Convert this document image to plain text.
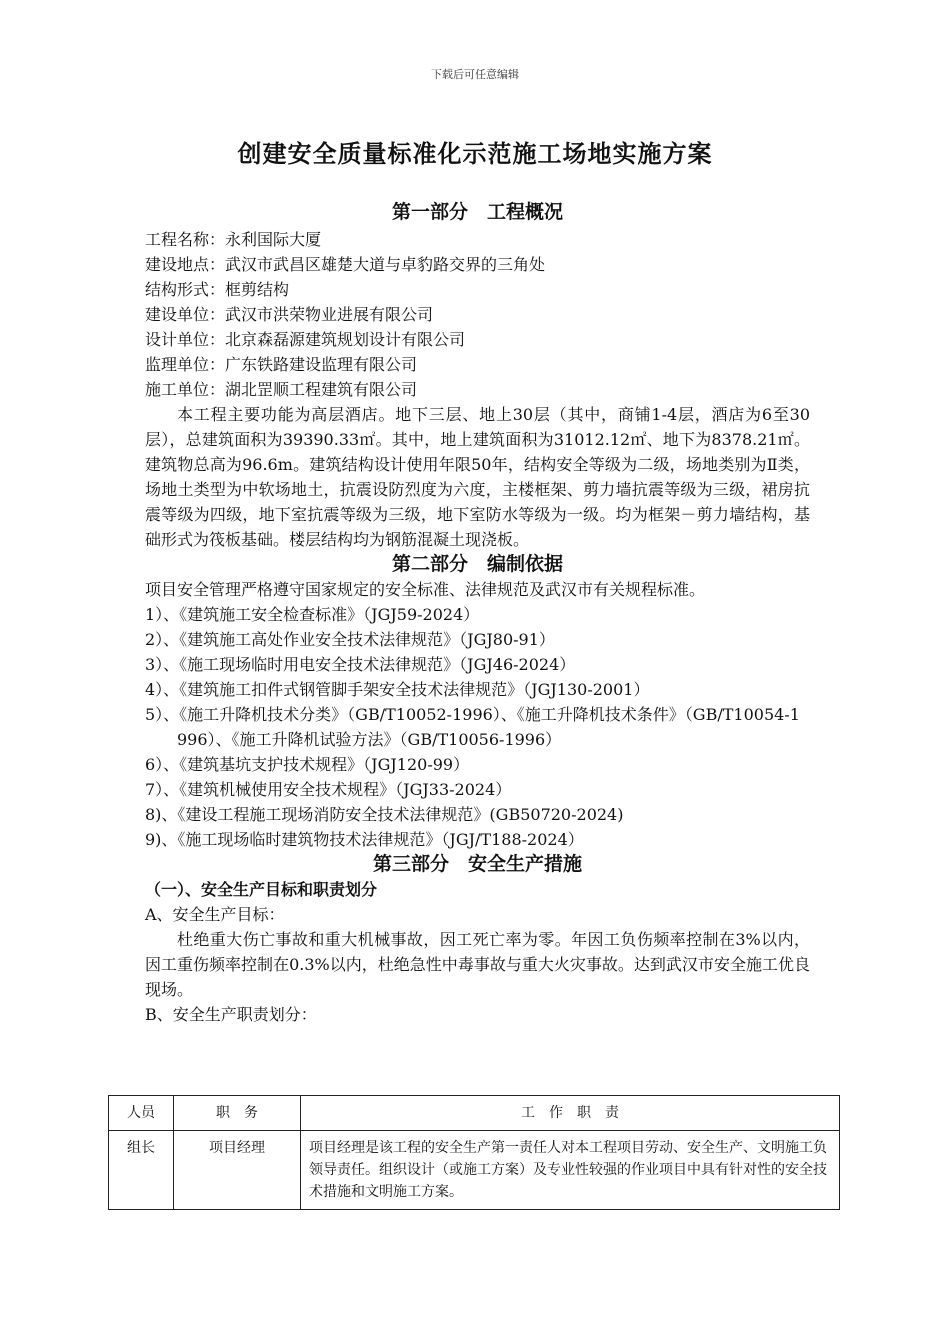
下载后可任意编辑
创建安全质量标准化示范施工场地实施方案
第一部分　工程概况
工程名称：永利国际大厦
建设地点：武汉市武昌区雄楚大道与卓豹路交界的三角处
结构形式：框剪结构
建设单位：武汉市洪荣物业进展有限公司
设计单位：北京森磊源建筑规划设计有限公司
监理单位：广东铁路建设监理有限公司
施工单位：湖北罡顺工程建筑有限公司
本工程主要功能为高层酒店。地下三层、地上30层（其中，商铺1-4层，酒店为6至30层），总建筑面积为39390.33㎡。其中，地上建筑面积为31012.12㎡、地下为8378.21㎡。建筑物总高为96.6m。建筑结构设计使用年限50年，结构安全等级为二级，场地类别为Ⅱ类，场地土类型为中软场地土，抗震设防烈度为六度，主楼框架、剪力墙抗震等级为三级，裙房抗震等级为四级，地下室抗震等级为三级，地下室防水等级为一级。均为框架－剪力墙结构，基础形式为筏板基础。楼层结构均为钢筋混凝土现浇板。
第二部分　编制依据
项目安全管理严格遵守国家规定的安全标准、法律规范及武汉市有关规程标准。
1）、《建筑施工安全检查标准》（JGJ59-2024）
2）、《建筑施工高处作业安全技术法律规范》（JGJ80-91）
3）、《施工现场临时用电安全技术法律规范》（JGJ46-2024）
4）、《建筑施工扣件式钢管脚手架安全技术法律规范》（JGJ130-2001）
5）、《施工升降机技术分类》（GB/T10052-1996）、《施工升降机技术条件》（GB/T10054-1996）、《施工升降机试验方法》（GB/T10056-1996）
6）、《建筑基坑支护技术规程》（JGJ120-99）
7）、《建筑机械使用安全技术规程》（JGJ33-2024）
8)、《建设工程施工现场消防安全技术法律规范》(GB50720-2024)
9)、《施工现场临时建筑物技术法律规范》（JGJ/T188-2024）
第三部分　安全生产措施
（一）、安全生产目标和职责划分
A、安全生产目标：
杜绝重大伤亡事故和重大机械事故，因工死亡率为零。年因工负伤频率控制在3%以内，因工重伤频率控制在0.3%以内，杜绝急性中毒事故与重大火灾事故。达到武汉市安全施工优良现场。
B、安全生产职责划分：
人员	职　务	工　作　职　责
组长	项目经理	项目经理是该工程的安全生产第一责任人对本工程项目劳动、安全生产、文明施工负领导责任。组织设计（或施工方案）及专业性较强的作业项目中具有针对性的安全技术措施和文明施工方案。
